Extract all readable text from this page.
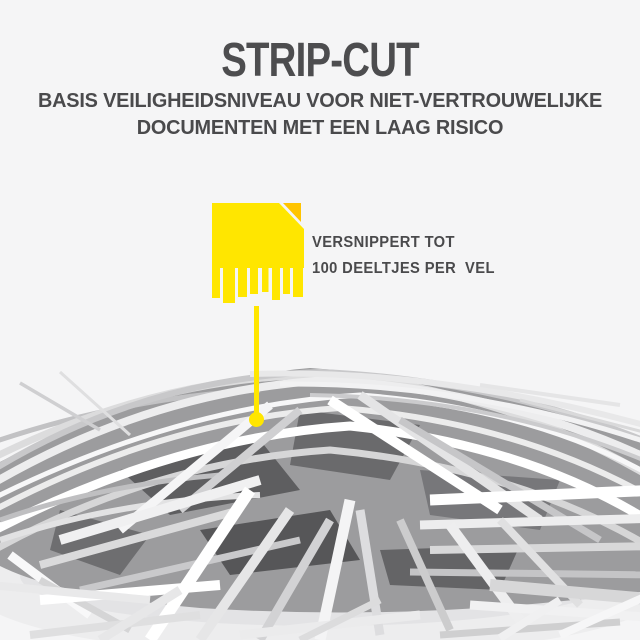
STRIP-CUT
BASIS VEILIGHEIDSNIVEAU VOOR NIET-VERTROUWELIJKE
DOCUMENTEN MET EEN LAAG RISICO
VERSNIPPERT TOT
100 DEELTJES PER  VEL
